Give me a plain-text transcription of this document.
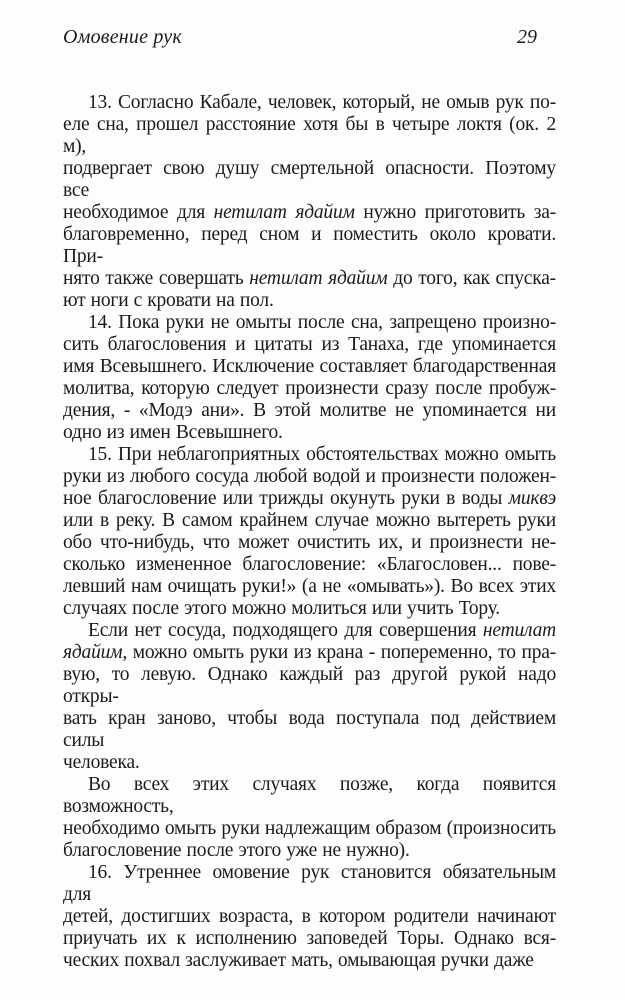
Омовение рук	29
13. Согласно Кабале, человек, который, не омыв рук по-
еле сна, прошел расстояние хотя бы в четыре локтя (ок. 2 м),
подвергает свою душу смертельной опасности. Поэтому все
необходимое для нетилат ядайим нужно приготовить за-
благовременно, перед сном и поместить около кровати. При-
нято также совершать нетилат ядайим до того, как спуска-
ют ноги с кровати на пол.
14. Пока руки не омыты после сна, запрещено произно-
сить благословения и цитаты из Танаха, где упоминается
имя Всевышнего. Исключение составляет благодарственная
молитва, которую следует произнести сразу после пробуж-
дения, - «Модэ ани». В этой молитве не упоминается ни
одно из имен Всевышнего.
15. При неблагоприятных обстоятельствах можно омыть
руки из любого сосуда любой водой и произнести положен-
ное благословение или трижды окунуть руки в воды миквэ
или в реку. В самом крайнем случае можно вытереть руки
обо что-нибудь, что может очистить их, и произнести не-
сколько измененное благословение: «Благословен... пове-
левший нам очищать руки!» (а не «омывать»). Во всех этих
случаях после этого можно молиться или учить Тору.
Если нет сосуда, подходящего для совершения нетилат
ядайим, можно омыть руки из крана - попеременно, то пра-
вую, то левую. Однако каждый раз другой рукой надо откры-
вать кран заново, чтобы вода поступала под действием силы
человека.
Во всех этих случаях позже, когда появится возможность,
необходимо омыть руки надлежащим образом (произносить
благословение после этого уже не нужно).
16. Утреннее омовение рук становится обязательным для
детей, достигших возраста, в котором родители начинают
приучать их к исполнению заповедей Торы. Однако вся-
ческих похвал заслуживает мать, омывающая ручки даже
